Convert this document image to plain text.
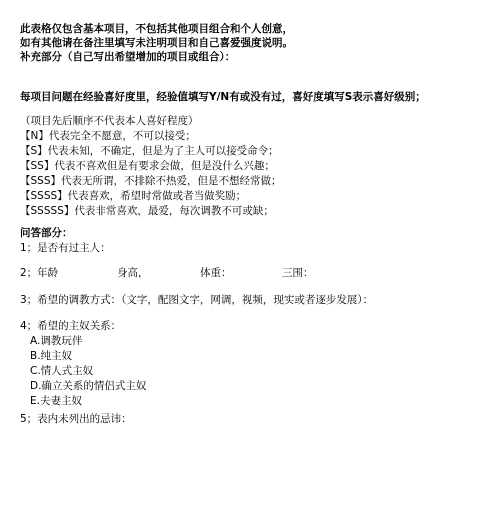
此表格仅包含基本项目，不包括其他项目组合和个人创意，
如有其他请在备注里填写未注明项目和自己喜爱强度说明。
补充部分（自己写出希望增加的项目或组合）：
每项目问题在经验喜好度里，经验值填写Y/N有或没有过，喜好度填写S表示喜好级别；
（项目先后顺序不代表本人喜好程度）
【N】代表完全不愿意，不可以接受；
【S】代表未知，不确定，但是为了主人可以接受命令；
【SS】代表不喜欢但是有要求会做，但是没什么兴趣；
【SSS】代表无所谓，不排除不热爱，但是不想经常做；
【SSSS】代表喜欢，希望时常做或者当做奖励；
【SSSSS】代表非常喜欢，最爱，每次调教不可或缺；
问答部分：
1；是否有过主人：
2；年龄	身高，	体重：	三围：
3；希望的调教方式：（文字，配图文字，网调，视频，现实或者逐步发展）：
4；希望的主奴关系：
A.调教玩伴
B.纯主奴
C.情人式主奴
D.确立关系的情侣式主奴
E.夫妻主奴
5；表内未列出的忌讳：
